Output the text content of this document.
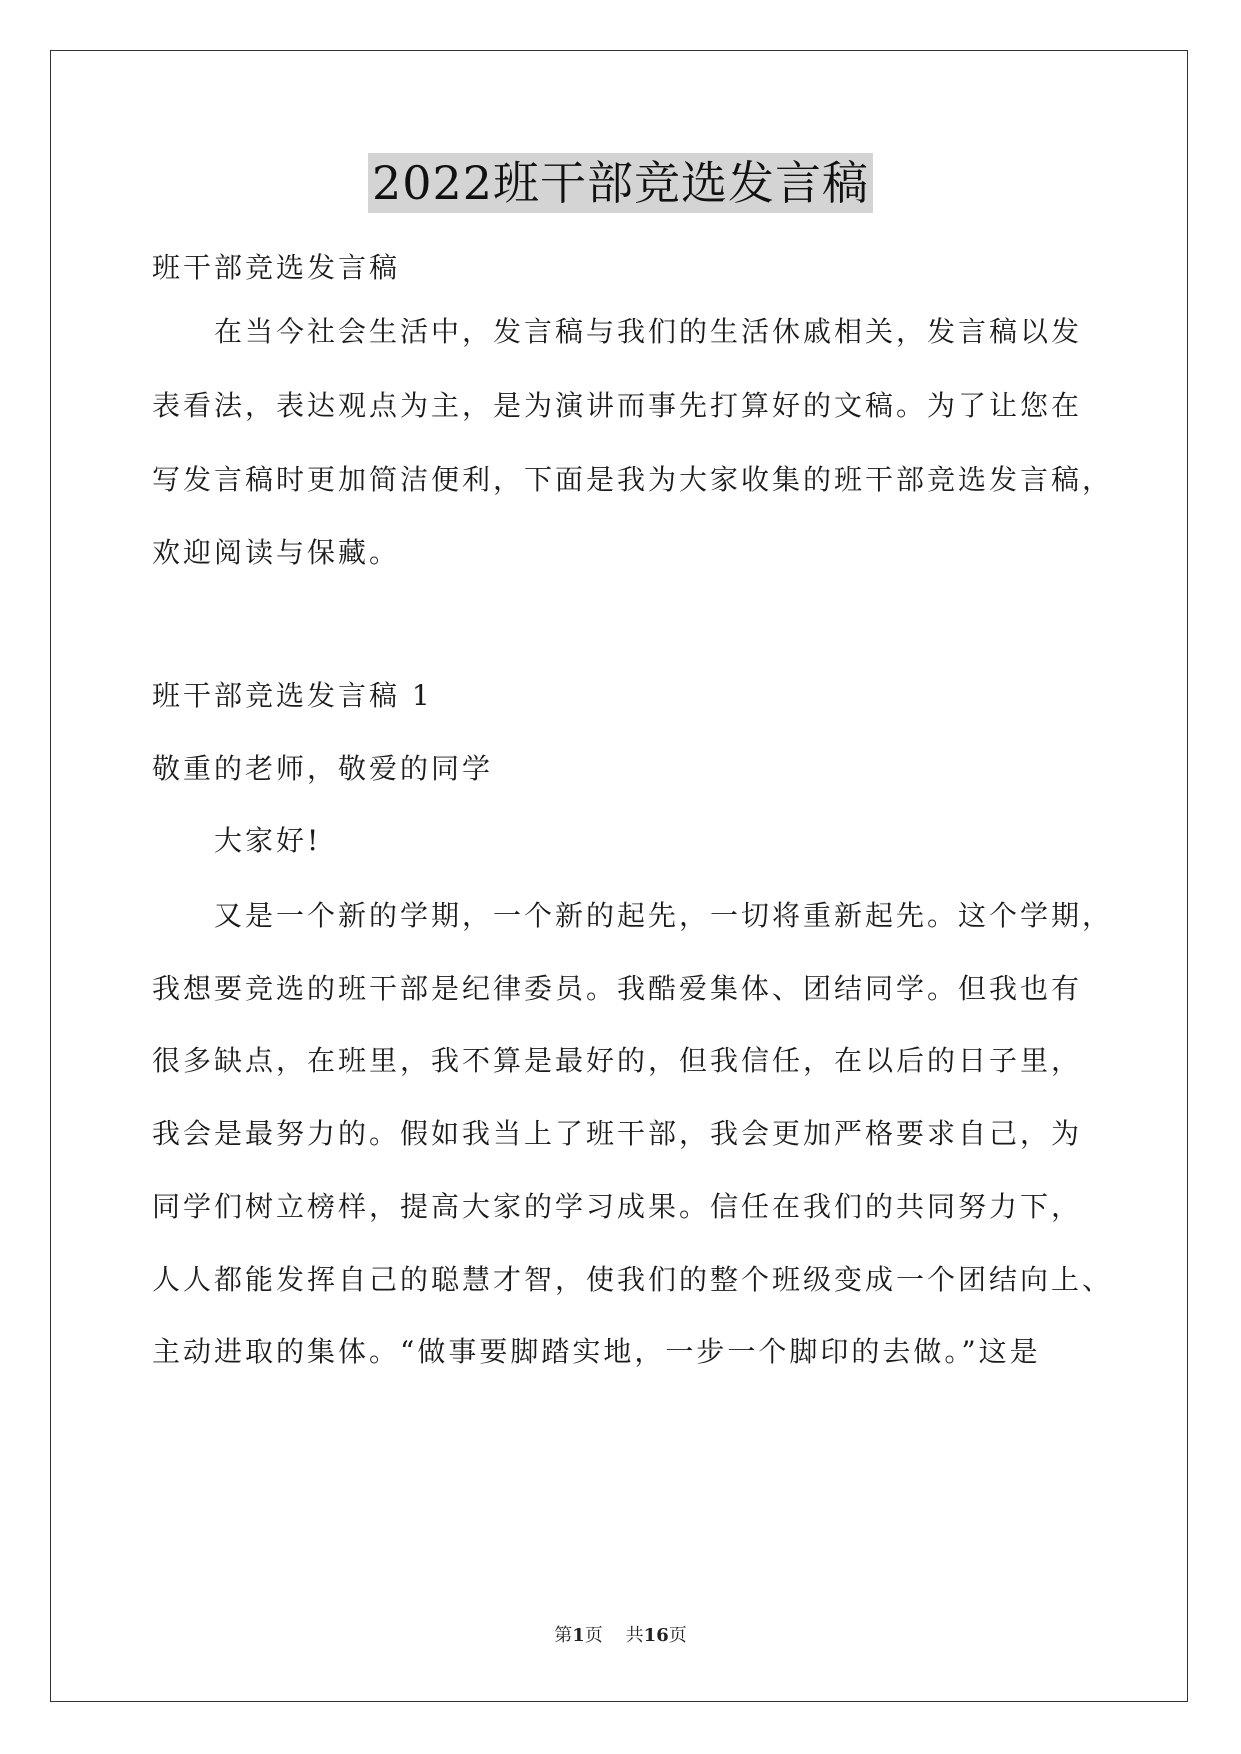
2022班干部竞选发言稿
班干部竞选发言稿
在当今社会生活中，发言稿与我们的生活休戚相关，发言稿以发
表看法，表达观点为主，是为演讲而事先打算好的文稿。为了让您在
写发言稿时更加简洁便利，下面是我为大家收集的班干部竞选发言稿，
欢迎阅读与保藏。
班干部竞选发言稿 1
敬重的老师，敬爱的同学
大家好!
又是一个新的学期，一个新的起先，一切将重新起先。这个学期，
我想要竞选的班干部是纪律委员。我酷爱集体、团结同学。但我也有
很多缺点，在班里，我不算是最好的，但我信任，在以后的日子里，
我会是最努力的。假如我当上了班干部，我会更加严格要求自己，为
同学们树立榜样，提高大家的学习成果。信任在我们的共同努力下，
人人都能发挥自己的聪慧才智，使我们的整个班级变成一个团结向上、
主动进取的集体。“做事要脚踏实地，一步一个脚印的去做。”这是
第1页 共16页
